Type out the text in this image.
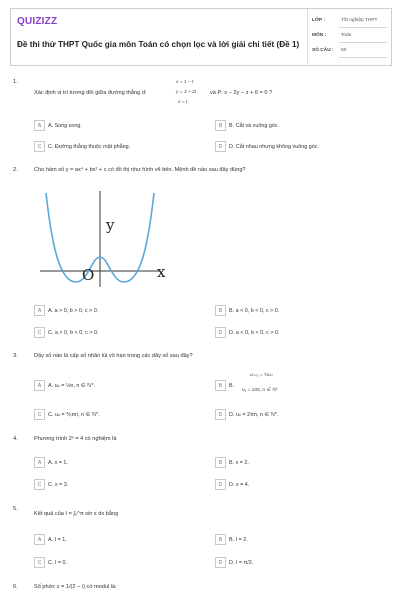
QUIZIZZ
Đề thi thử THPT Quốc gia môn Toán có chọn lọc và lời giải chi tiết (Đề 1)
LỚP :	Tốt nghiệp THPT
MÔN :	Toán
SỐ CÂU : 50
1.
Xác định vị trí tương đối giữa đường thẳng d:
x = 1 − t
y = 3 + 2t
z = t
và P: x − 2y − z + 6 = 0 ?
A	A. Song song.	B	B. Cắt và vuông góc.
C	C. Đường thẳng thuộc mặt phẳng.	D	D. Cắt nhau nhưng không vuông góc.
2.	Cho hàm số y = ax⁴ + bx² + c có đồ thị như hình vẽ bên. Mệnh đề nào sau đây đúng?
y
x
O
A	A. a > 0, b > 0, c > 0.	B	B. a < 0, b < 0, c > 0.
C	C. a > 0, b < 0, c > 0.	D	D. a < 0, b < 0, c > 0.
3.	Dãy số nào là cấp số nhân lùi vô hạn trong các dãy số sau đây?
A	A. uₙ = ⅓n, n ∈ ℕ*.	B	B.
uₙ₊₁ = ½uₙ
u₁ = 100, n ∈ ℕ*
C	C. uₙ = ⅙πn, n ∈ ℕ*.	D	D. uₙ = 2πn, n ∈ ℕ*.
4.	Phương trình 2ˣ = 4 có nghiệm là
A	A. x = 1.	B	B. x = 2.
C	C. x = 3.	D	D. x = 4.
5.
Kết quả của I = ∫₀^π sin x dx bằng
A	A. I = 1.	B	B. I = 2.
C	C. I = 0.	D	D. I = π/2.
6.	Số phức z = 1/(2 − i) có modul là:
